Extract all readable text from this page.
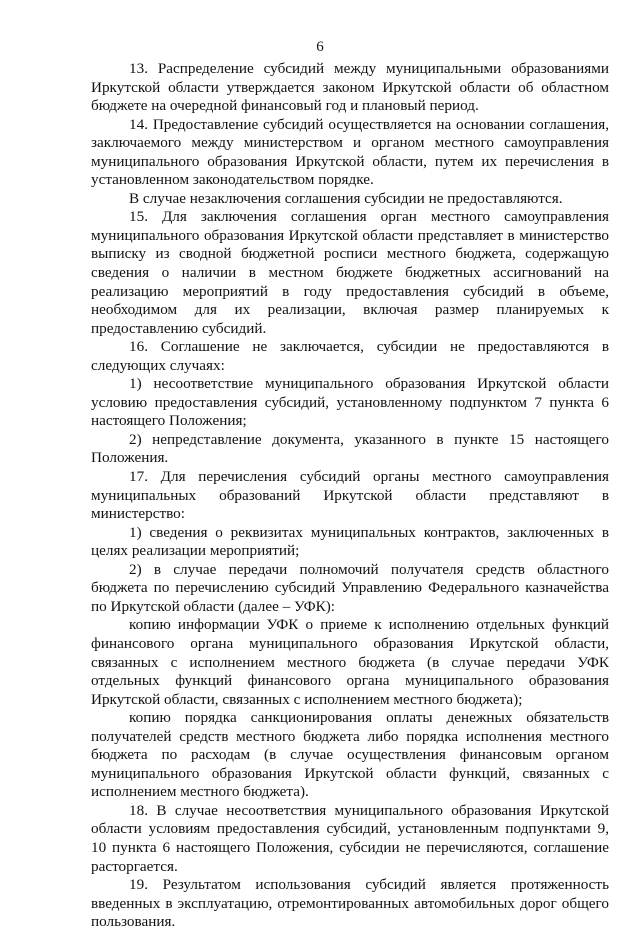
6

13. Распределение субсидий между муниципальными образованиями Иркутской области утверждается законом Иркутской области об областном бюджете на очередной финансовый год и плановый период.

14. Предоставление субсидий осуществляется на основании соглашения, заключаемого между министерством и органом местного самоуправления муниципального образования Иркутской области, путем их перечисления в установленном законодательством порядке.

В случае незаключения соглашения субсидии не предоставляются.

15. Для заключения соглашения орган местного самоуправления муниципального образования Иркутской области представляет в министерство выписку из сводной бюджетной росписи местного бюджета, содержащую сведения о наличии в местном бюджете бюджетных ассигнований на реализацию мероприятий в году предоставления субсидий в объеме, необходимом для их реализации, включая размер планируемых к предоставлению субсидий.

16. Соглашение не заключается, субсидии не предоставляются в следующих случаях:

1) несоответствие муниципального образования Иркутской области условию предоставления субсидий, установленному подпунктом 7 пункта 6 настоящего Положения;

2) непредставление документа, указанного в пункте 15 настоящего Положения.

17. Для перечисления субсидий органы местного самоуправления муниципальных образований Иркутской области представляют в министерство:

1) сведения о реквизитах муниципальных контрактов, заключенных в целях реализации мероприятий;

2) в случае передачи полномочий получателя средств областного бюджета по перечислению субсидий Управлению Федерального казначейства по Иркутской области (далее – УФК):

копию информации УФК о приеме к исполнению отдельных функций финансового органа муниципального образования Иркутской области, связанных с исполнением местного бюджета (в случае передачи УФК отдельных функций финансового органа муниципального образования Иркутской области, связанных с исполнением местного бюджета);

копию порядка санкционирования оплаты денежных обязательств получателей средств местного бюджета либо порядка исполнения местного бюджета по расходам (в случае осуществления финансовым органом муниципального образования Иркутской области функций, связанных с исполнением местного бюджета).

18. В случае несоответствия муниципального образования Иркутской области условиям предоставления субсидий, установленным подпунктами 9, 10 пункта 6 настоящего Положения, субсидии не перечисляются, соглашение расторгается.

19. Результатом использования субсидий является протяженность введенных в эксплуатацию, отремонтированных автомобильных дорог общего пользования.
